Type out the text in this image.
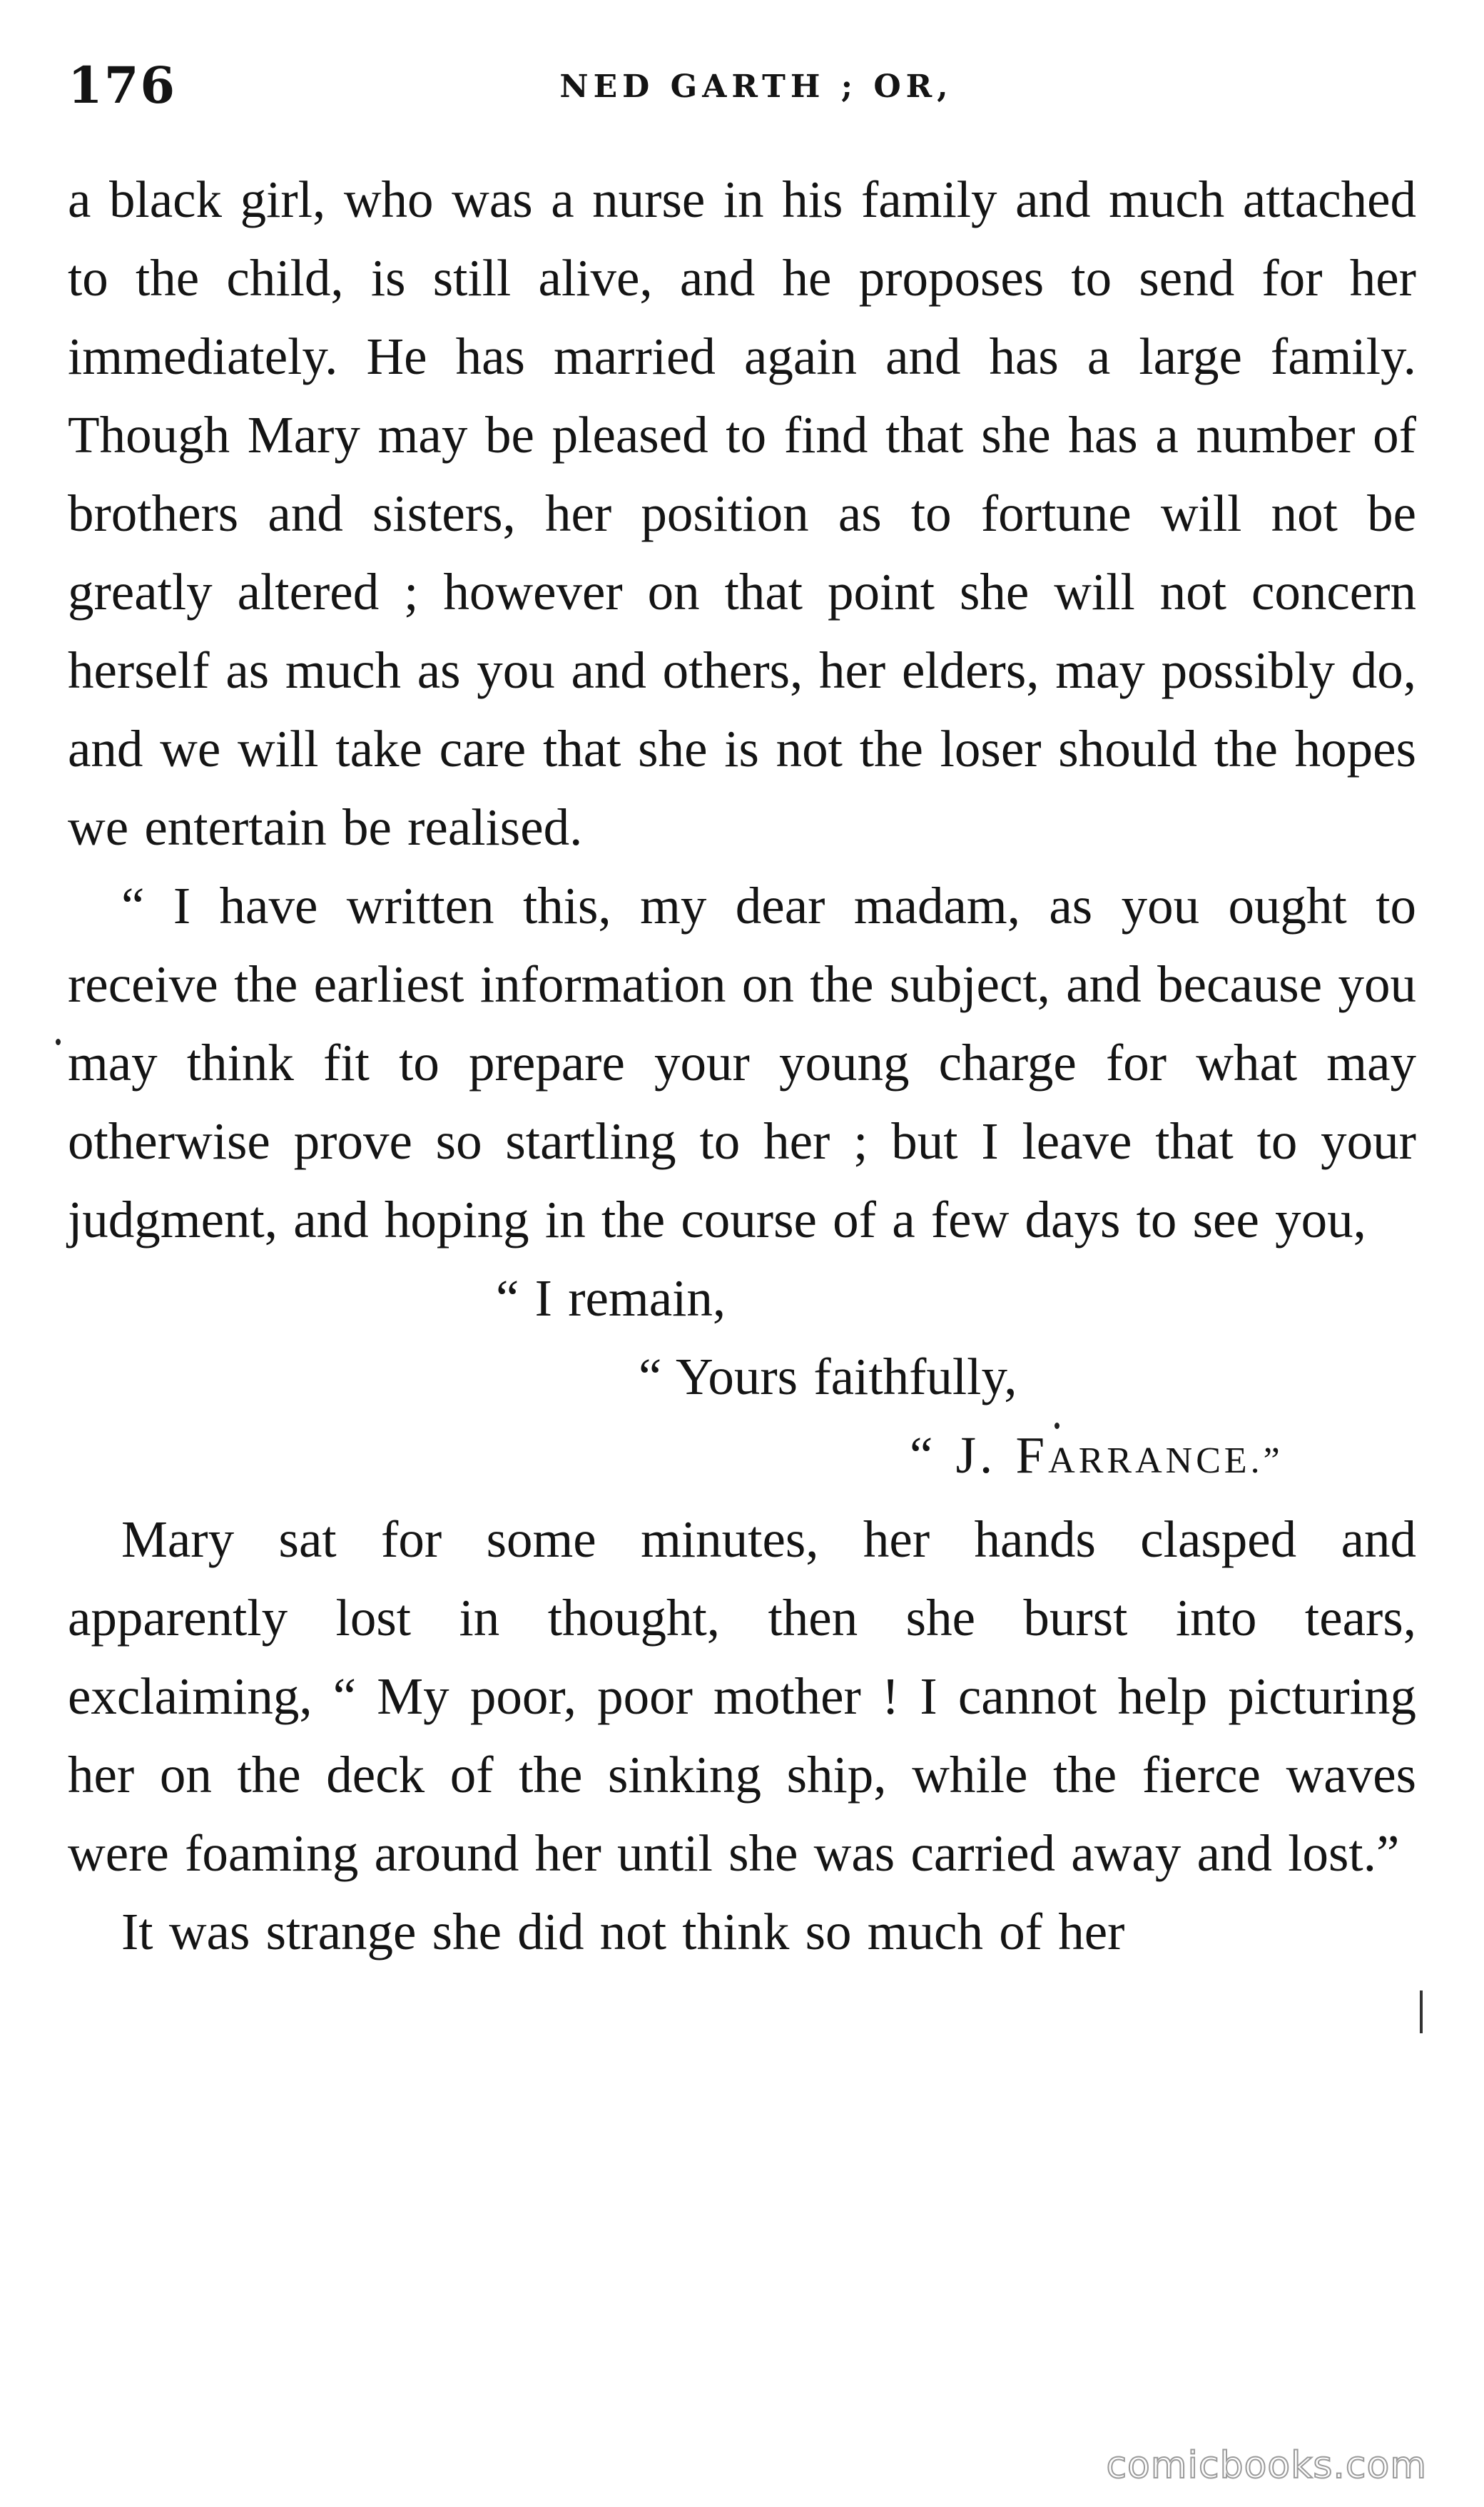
176	NED GARTH ; OR,

a black girl, who was a nurse in his family and much attached to the child, is still alive, and he proposes to send for her immediately. He has married again and has a large family. Though Mary may be pleased to find that she has a number of brothers and sisters, her position as to fortune will not be greatly altered ; however on that point she will not concern herself as much as you and others, her elders, may possibly do, and we will take care that she is not the loser should the hopes we entertain be realised.

“ I have written this, my dear madam, as you ought to receive the earliest information on the subject, and because you may think fit to prepare your young charge for what may otherwise prove so startling to her ; but I leave that to your judgment, and hoping in the course of a few days to see you,

“ I remain,

“ Yours faithfully,

“ J. FARRANCE.”

Mary sat for some minutes, her hands clasped and apparently lost in thought, then she burst into tears, exclaiming, “ My poor, poor mother ! I cannot help picturing her on the deck of the sinking ship, while the fierce waves were foaming around her until she was carried away and lost.”

It was strange she did not think so much of her

comicbooks.com
